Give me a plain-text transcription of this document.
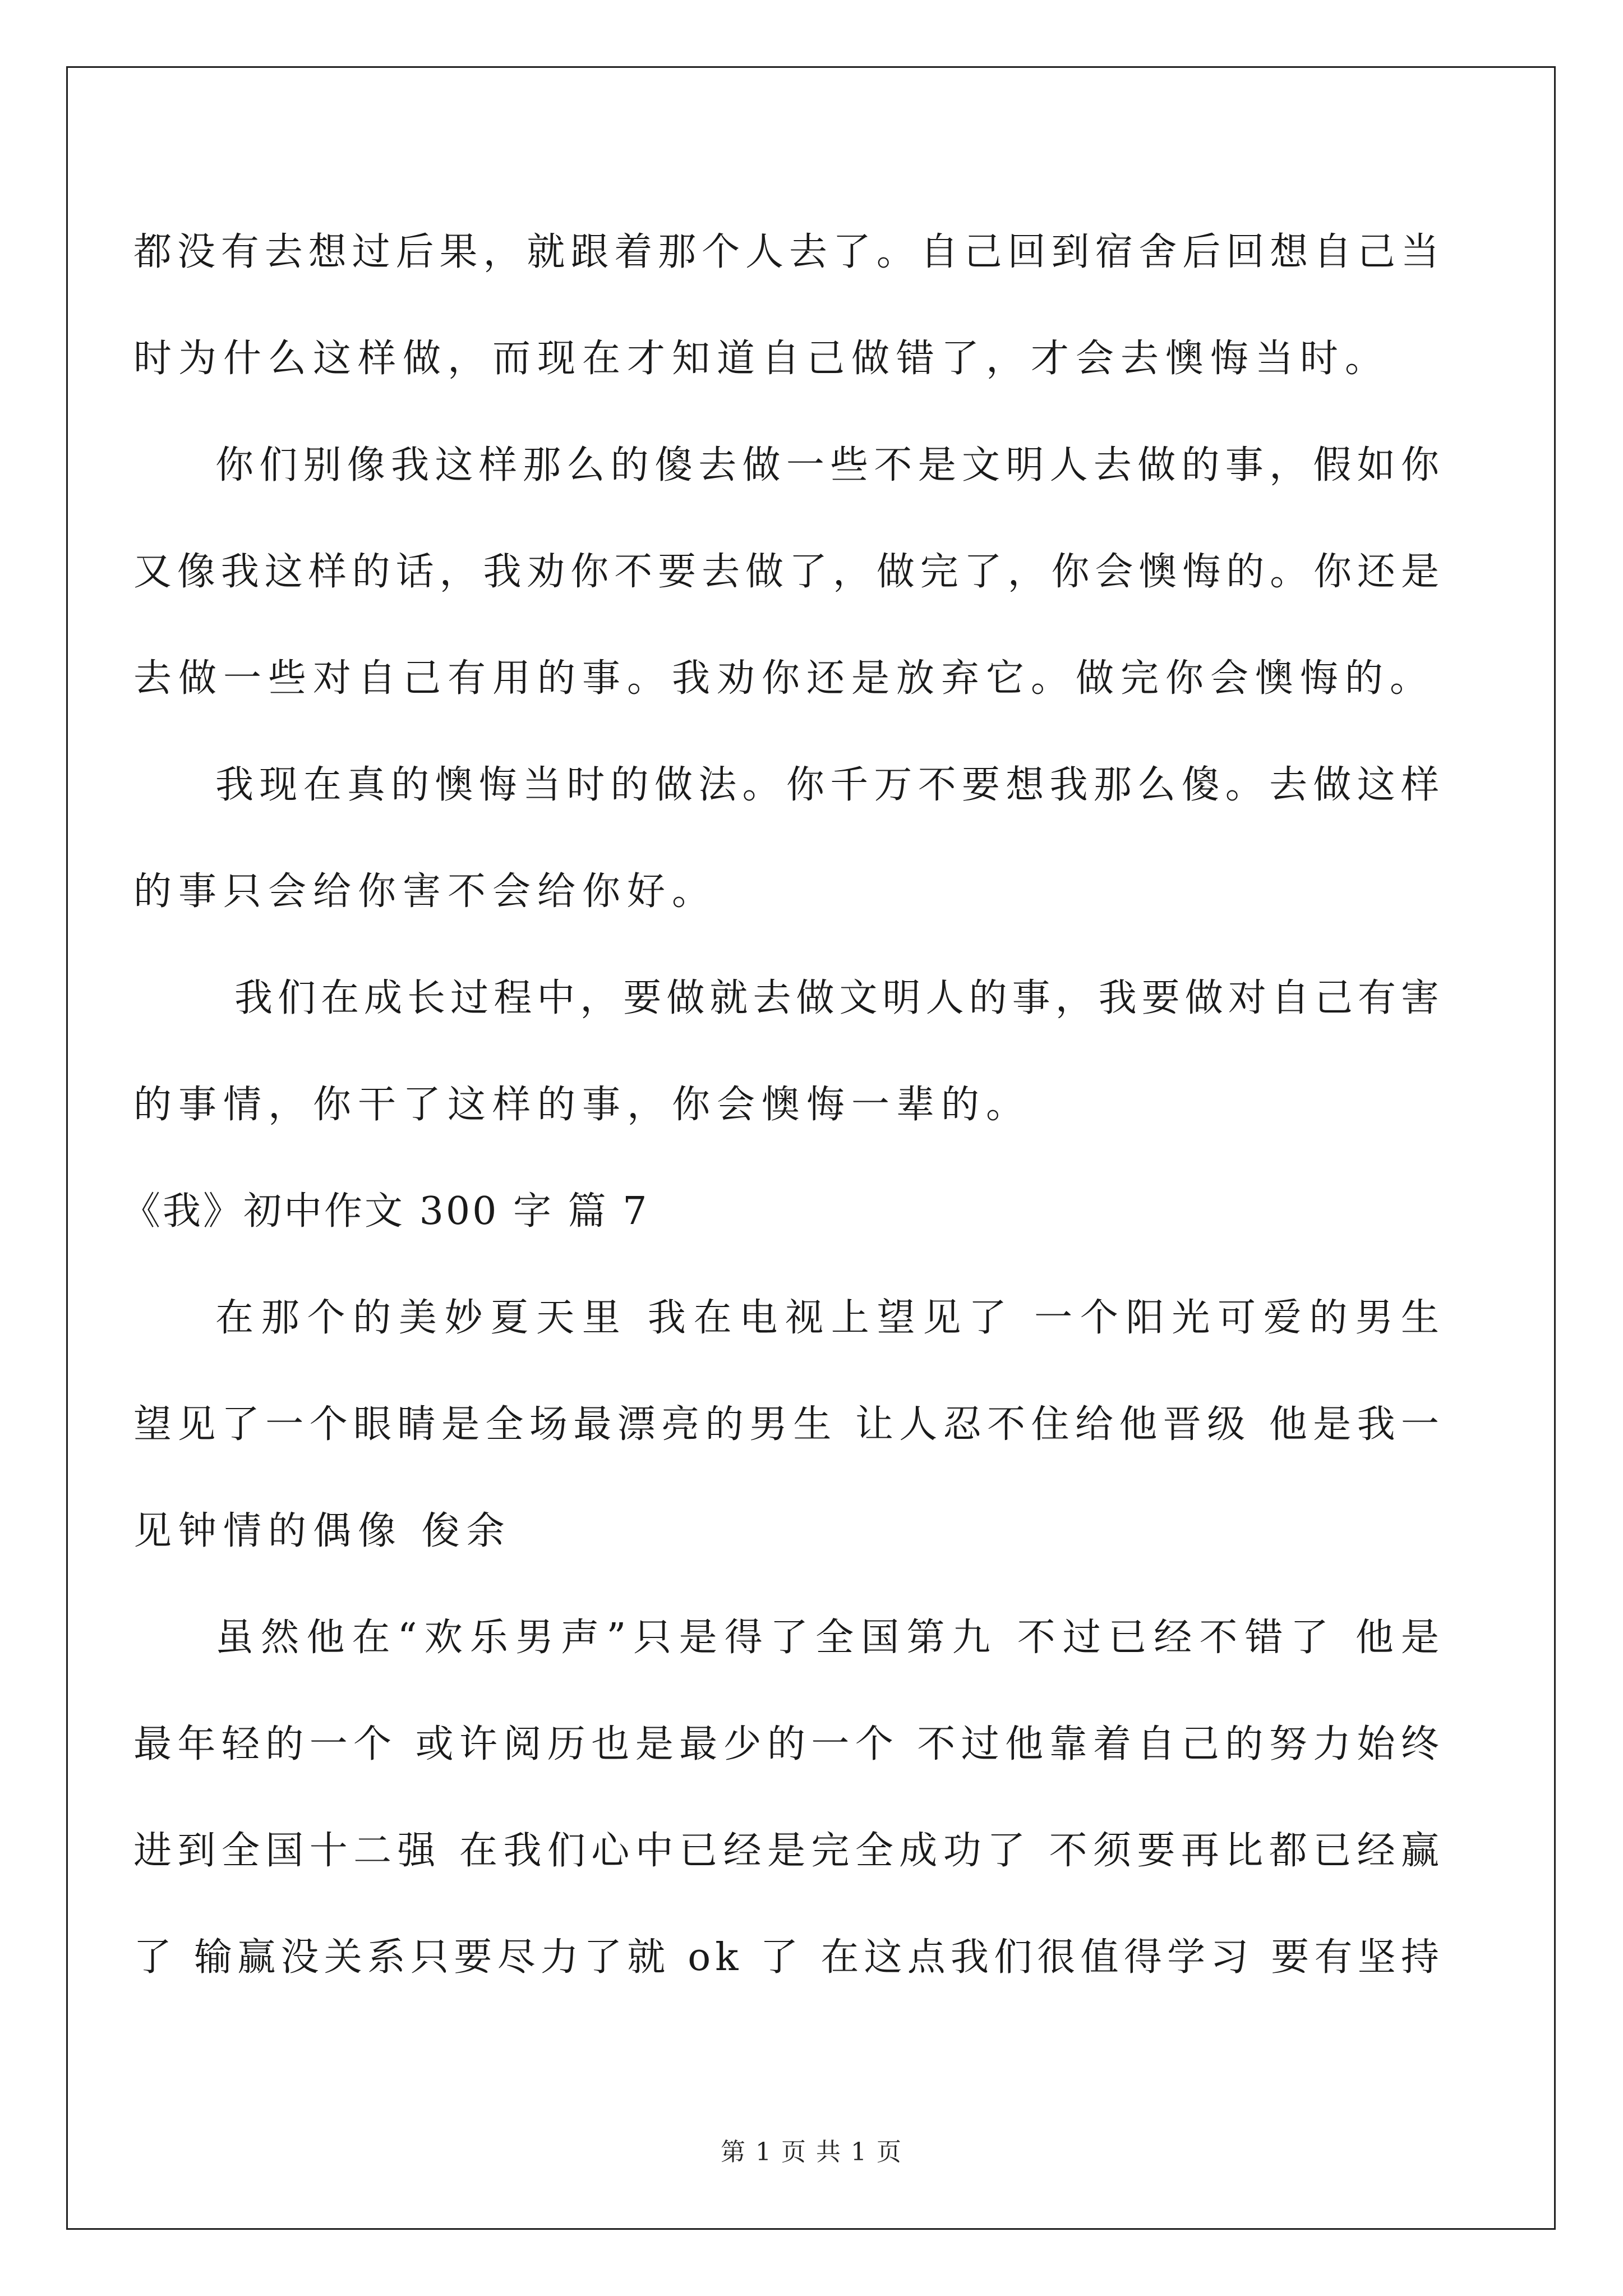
都没有去想过后果，就跟着那个人去了。自己回到宿舍后回想自己当
时为什么这样做，而现在才知道自己做错了，才会去懊悔当时。
你们别像我这样那么的傻去做一些不是文明人去做的事，假如你
又像我这样的话，我劝你不要去做了，做完了，你会懊悔的。你还是
去做一些对自己有用的事。我劝你还是放弃它。做完你会懊悔的。
我现在真的懊悔当时的做法。你千万不要想我那么傻。去做这样
的事只会给你害不会给你好。
我们在成长过程中，要做就去做文明人的事，我要做对自己有害
的事情，你干了这样的事，你会懊悔一辈的。
《我》初中作文 300 字 篇 7
在那个的美妙夏天里 我在电视上望见了 一个阳光可爱的男生
望见了一个眼睛是全场最漂亮的男生 让人忍不住给他晋级 他是我一
见钟情的偶像 俊余
虽然他在“欢乐男声”只是得了全国第九 不过已经不错了 他是
最年轻的一个 或许阅历也是最少的一个 不过他靠着自己的努力始终
进到全国十二强 在我们心中已经是完全成功了 不须要再比都已经赢
了 输赢没关系只要尽力了就 ok 了 在这点我们很值得学习 要有坚持
第 1 页 共 1 页
